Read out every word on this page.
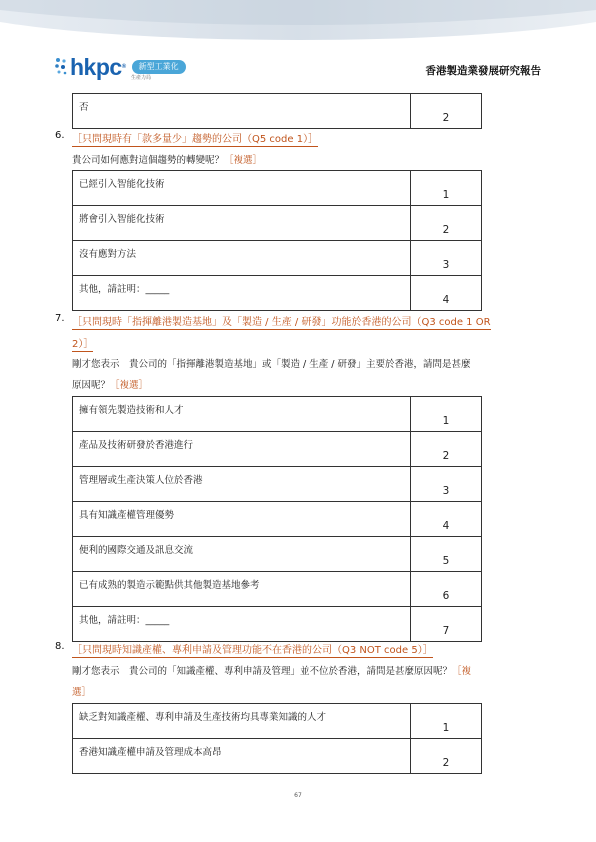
hkpc®	新型工業化
生產力局
香港製造業發展研究報告
否	2
6. ［只問現時有「款多量少」趨勢的公司（Q5 code 1）］
貴公司如何應對這個趨勢的轉變呢？［複選］
已經引入智能化技術	1
將會引入智能化技術	2
沒有應對方法	3
其他，請註明：_____	4
7. ［只問現時「指揮離港製造基地」及「製造 / 生產 / 研發」功能於香港的公司（Q3 code 1 OR
2）］
剛才您表示　貴公司的「指揮離港製造基地」或「製造 / 生產 / 研發」主要於香港，請問是甚麼
原因呢？［複選］
擁有領先製造技術和人才	1
產品及技術研發於香港進行	2
管理層或生產決策人位於香港	3
具有知識產權管理優勢	4
便利的國際交通及訊息交流	5
已有成熟的製造示範點供其他製造基地參考	6
其他，請註明：_____	7
8. ［只問現時知識產權、專利申請及管理功能不在香港的公司（Q3 NOT code 5）］
剛才您表示　貴公司的「知識產權、專利申請及管理」並不位於香港，請問是甚麼原因呢？［複
選］
缺乏對知識產權、專利申請及生產技術均具專業知識的人才	1
香港知識產權申請及管理成本高昂	2
67
